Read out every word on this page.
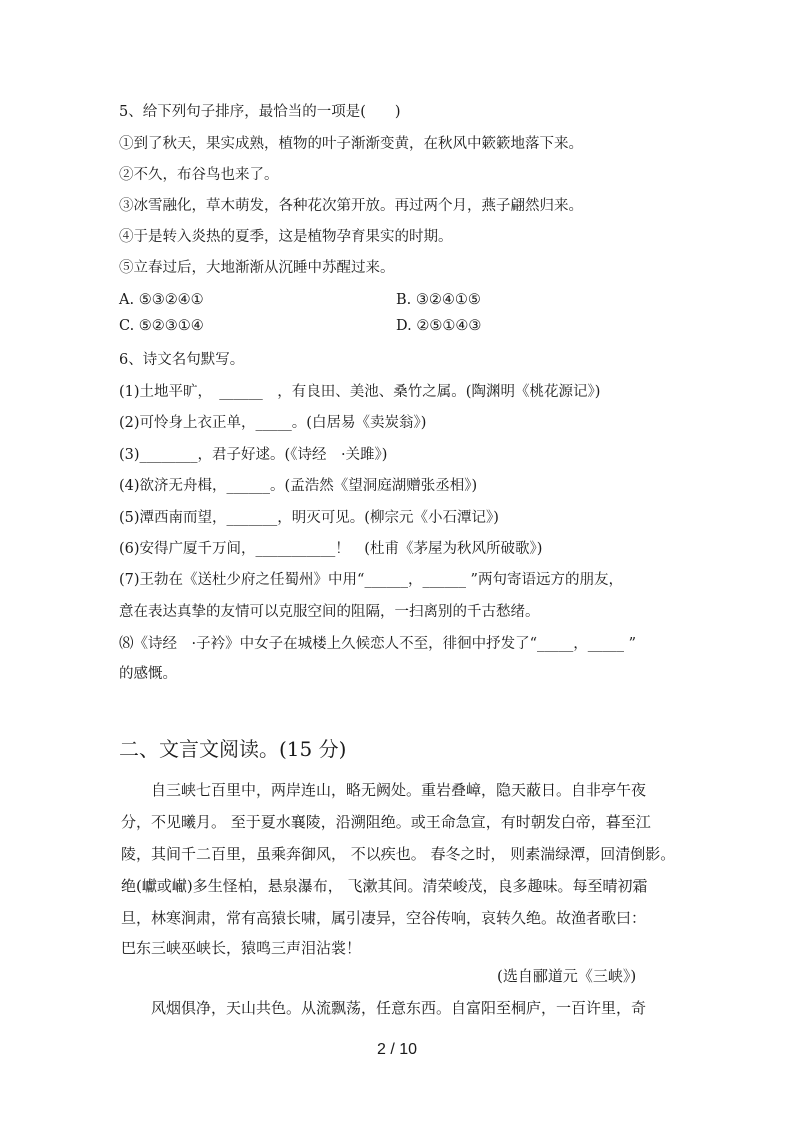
5、给下列句子排序，最恰当的一项是(　　)
①到了秋天，果实成熟，植物的叶子渐渐变黄，在秋风中簌簌地落下来。
②不久，布谷鸟也来了。
③冰雪融化，草木萌发，各种花次第开放。再过两个月，燕子翩然归来。
④于是转入炎热的夏季，这是植物孕育果实的时期。
⑤立春过后，大地渐渐从沉睡中苏醒过来。
A. ⑤③②④①	B. ③②④①⑤
C. ⑤②③①④	D. ②⑤①④③
6、诗文名句默写。
(1)土地平旷，　______　，有良田、美池、桑竹之属。(陶渊明《桃花源记》)
(2)可怜身上衣正单，_____。(白居易《卖炭翁》)
(3)________，君子好逑。(《诗经　·关雎》)
(4)欲济无舟楫，______。(孟浩然《望洞庭湖赠张丞相》)
(5)潭西南而望，_______，明灭可见。(柳宗元《小石潭记》)
(6)安得广厦千万间，___________！　(杜甫《茅屋为秋风所破歌》)
(7)王勃在《送杜少府之任蜀州》中用“______，______ ”两句寄语远方的朋友，
意在表达真挚的友情可以克服空间的阻隔，一扫离别的千古愁绪。
⑻《诗经　·子衿》中女子在城楼上久候恋人不至，徘徊中抒发了“_____，_____ ”
的感慨。
二、文言文阅读。(15 分)
　　自三峡七百里中，两岸连山，略无阙处。重岩叠嶂，隐天蔽日。自非亭午夜
分，不见曦月。 至于夏水襄陵，沿溯阻绝。或王命急宣，有时朝发白帝，暮至江
陵，其间千二百里，虽乘奔御风， 不以疾也。 春冬之时， 则素湍绿潭，回清倒影。
绝(巘或𪩘)多生怪柏，悬泉瀑布， 飞漱其间。清荣峻茂，良多趣味。每至晴初霜
旦，林寒涧肃，常有高猿长啸，属引凄异，空谷传响，哀转久绝。故渔者歌曰：
巴东三峡巫峡长，猿鸣三声泪沾裳！
(选自郦道元《三峡》)
　　风烟俱净，天山共色。从流飘荡，任意东西。自富阳至桐庐，一百许里，奇
2 / 10
